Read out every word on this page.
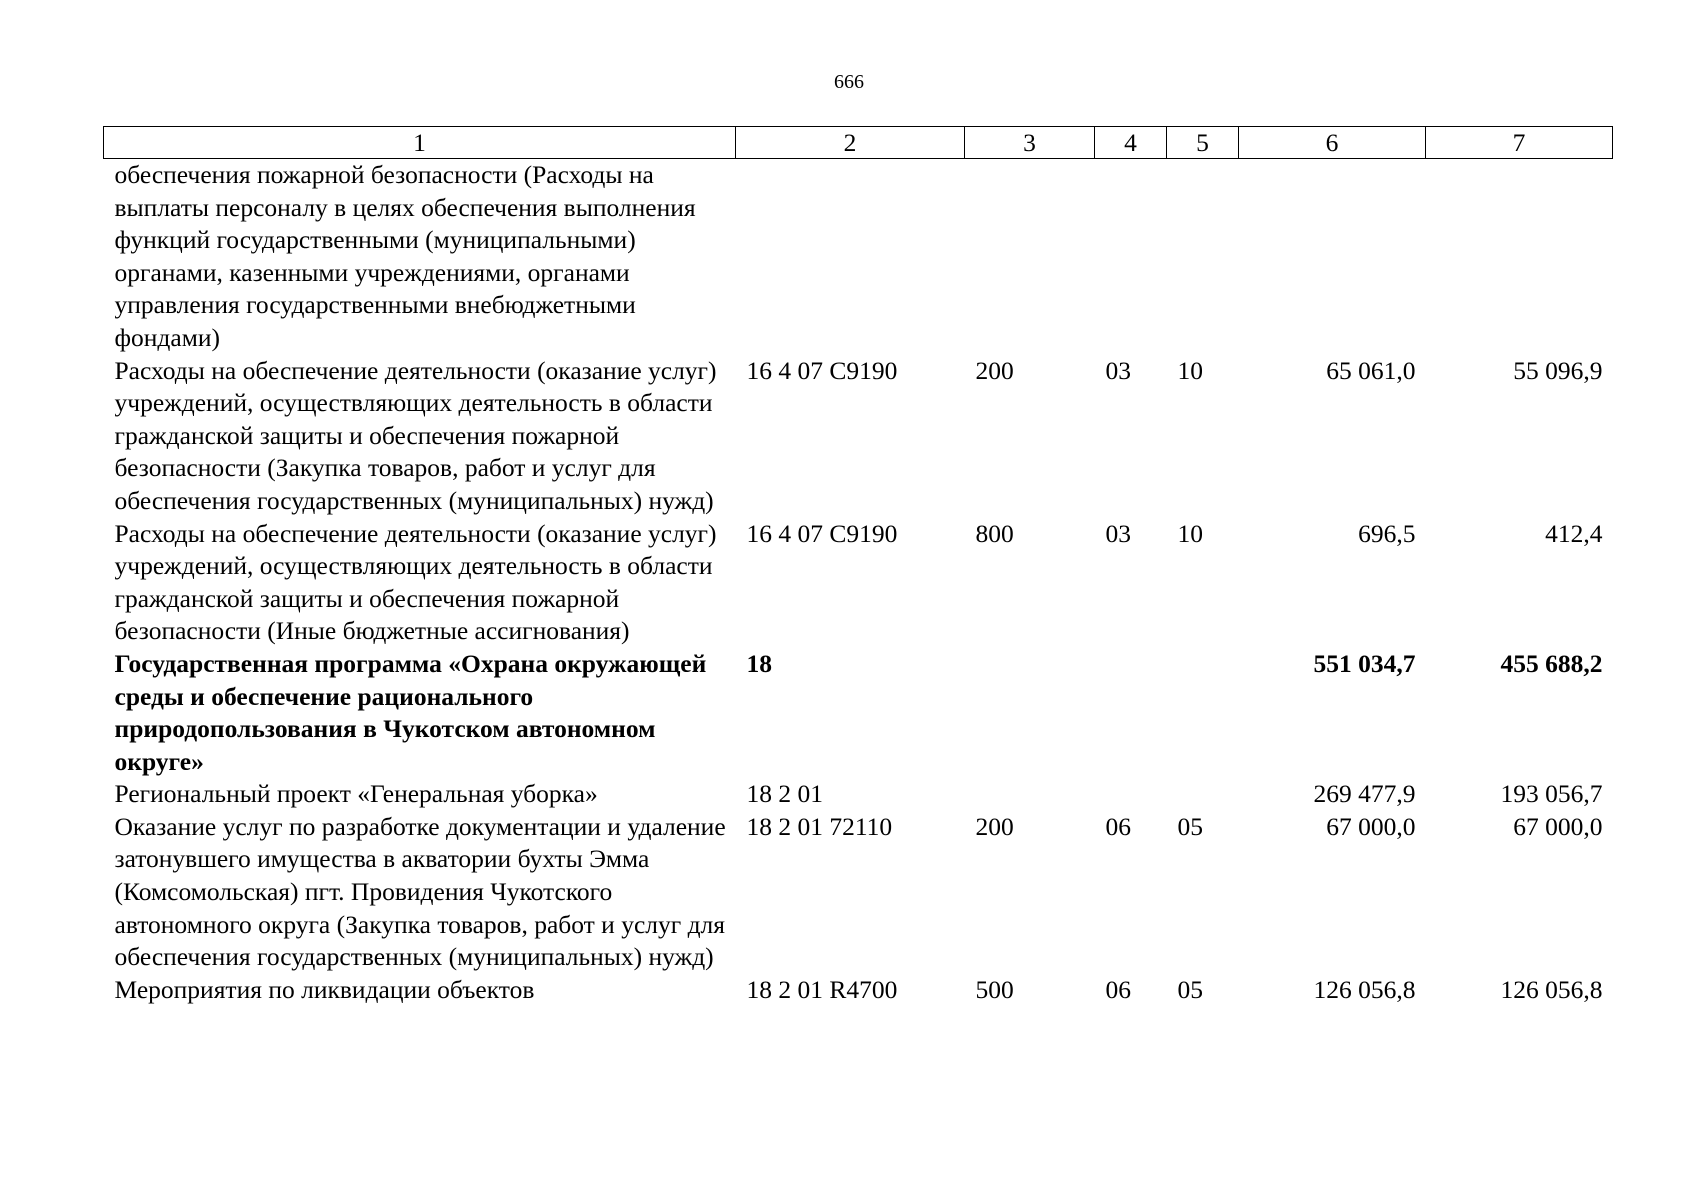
666
1	2	3	4	5	6	7
обеспечения пожарной безопасности (Расходы на выплаты персоналу в целях обеспечения выполнения функций государственными (муниципальными) органами, казенными учреждениями, органами управления государственными внебюджетными фондами)						
Расходы на обеспечение деятельности (оказание услуг) учреждений, осуществляющих деятельность в области гражданской защиты и обеспечения пожарной безопасности (Закупка товаров, работ и услуг для обеспечения государственных (муниципальных) нужд)	16 4 07 С9190	200	03	10	65 061,0	55 096,9
Расходы на обеспечение деятельности (оказание услуг) учреждений, осуществляющих деятельность в области гражданской защиты и обеспечения пожарной безопасности (Иные бюджетные ассигнования)	16 4 07 С9190	800	03	10	696,5	412,4
Государственная программа «Охрана окружающей среды и обеспечение рационального природопользования в Чукотском автономном округе»	18				551 034,7	455 688,2
Региональный проект «Генеральная уборка»	18 2 01				269 477,9	193 056,7
Оказание услуг по разработке документации и удаление затонувшего имущества в акватории бухты Эмма (Комсомольская) пгт. Провидения Чукотского автономного округа (Закупка товаров, работ и услуг для обеспечения государственных (муниципальных) нужд)	18 2 01 72110	200	06	05	67 000,0	67 000,0
Мероприятия по ликвидации объектов	18 2 01 R4700	500	06	05	126 056,8	126 056,8
